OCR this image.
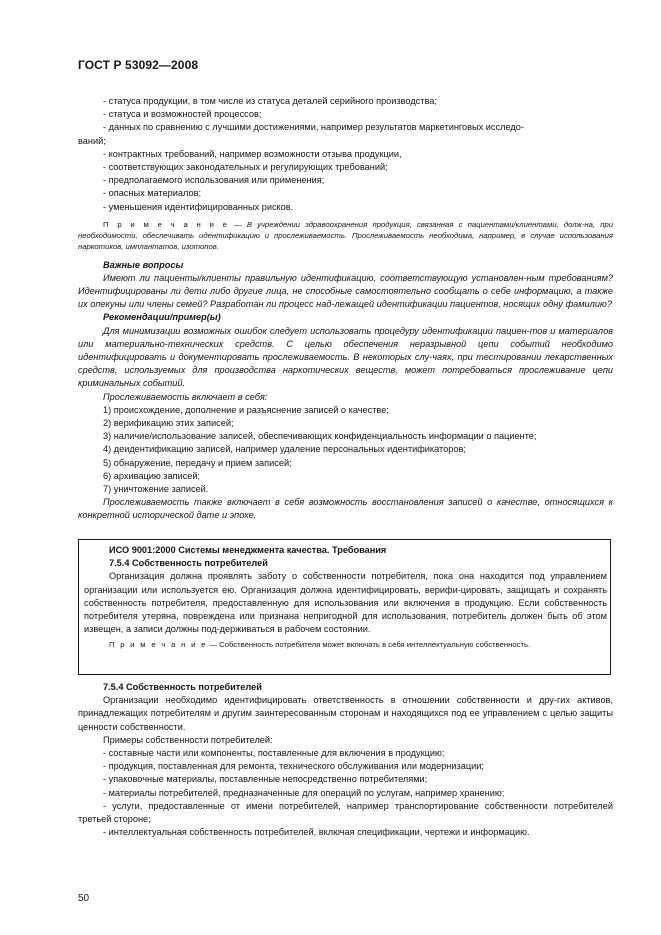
ГОСТ Р 53092—2008

- статуса продукции, в том числе из статуса деталей серийного производства;

- статуса и возможностей процессов;

- данных по сравнению с лучшими достижениями, например результатов маркетинговых исследо-

ваний;

- контрактных требований, например возможности отзыва продукции,

- соответствующих законодательных и регулирующих требований;

- предполагаемого использования или применения;

- опасных материалов;

- уменьшения идентифицированных рисков.

П р и м е ч а н и е — В учреждении здравоохранения продукция, связанная с пациентами/клиентами, долж-на, при необходимости, обеспечивать идентификацию и прослеживаемость. Прослеживаемость необходима, например, в случае использования наркотиков, имплантатов, изотопов.

Важные вопросы

Имеют ли пациенты/клиенты правильную идентификацию, соответствующую установлен-ным требованиям? Идентифицированы ли дети либо другие лица, не способные самостоятельно сообщать о себе информацию, а также их опекуны или члены семей? Разработан ли процесс над-лежащей идентификации пациентов, носящих одну фамилию?

Рекомендации/пример(ы)

Для минимизации возможных ошибок следует использовать процедуру идентификации пациен-тов и материалов или материально-технических средств. С целью обеспечения неразрывной цепи событий необходимо идентифицировать и документировать прослеживаемость. В некоторых слу-чаях, при тестировании лекарственных средств, используемых для производства наркотических веществ, может потребоваться прослеживание цепи криминальных событий.

Прослеживаемость включает в себя:

1) происхождение, дополнение и разъяснение записей о качестве;

2) верификацию этих записей;

3) наличие/использование записей, обеспечивающих конфиденциальность информации о пациенте;

4) деидентификацию записей, например удаление персональных идентификаторов;

5) обнаружение, передачу и прием записей;

6) архивацию записей;

7) уничтожение записей.

Прослеживаемость также включает в себя возможность восстановления записей о качестве, относящихся к конкретной исторической дате и эпохе.

ИСО 9001:2000 Системы менеджмента качества. Требования

7.5.4 Собственность потребителей

Организация должна проявлять заботу о собственности потребителя, пока она находится под управлением организации или используется ею. Организация должна идентифицировать, верифи-цировать, защищать и сохранять собственность потребителя, предоставленную для использования или включения в продукцию. Если собственность потребителя утеряна, повреждена или признана непригодной для использования, потребитель должен быть об этом извещен, а записи должны под-держиваться в рабочем состоянии.

П р и м е ч а н и е — Собственность потребителя может включать в себя интеллектуальную собственность.

7.5.4 Собственность потребителей

Организации необходимо идентифицировать ответственность в отношении собственности и дру-гих активов, принадлежащих потребителям и другим заинтересованным сторонам и находящихся под ее управлением с целью защиты ценности собственности.

Примеры собственности потребителей:

- составные части или компоненты, поставленные для включения в продукцию;

- продукция, поставленная для ремонта, технического обслуживания или модернизации;

- упаковочные материалы, поставленные непосредственно потребителями;

- материалы потребителей, предназначенные для операций по услугам, например хранению;

- услуги, предоставленные от имени потребителей, например транспортирование собственности потребителей третьей стороне;

- интеллектуальная собственность потребителей, включая спецификации, чертежи и информацию.

50
